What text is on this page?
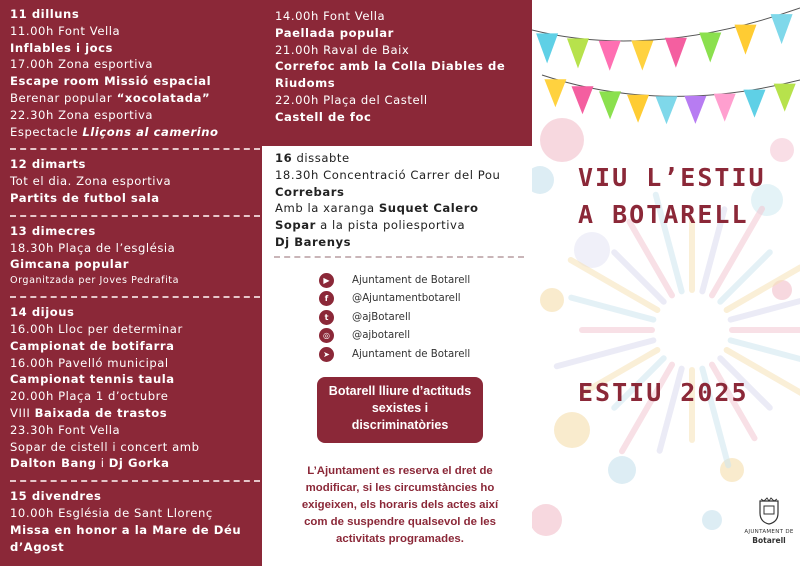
11 dilluns
11.00h Font Vella
Inflables i jocs
17.00h Zona esportiva
Escape room Missió espacial
Berenar popular “xocolatada”
22.30h Zona esportiva
Espectacle Lliçons al camerino
12 dimarts
Tot el dia. Zona esportiva
Partits de futbol sala
13 dimecres
18.30h Plaça de l’església
Gimcana popular
Organitzada per Joves Pedrafita
14 dijous
16.00h Lloc per determinar
Campionat de botifarra
16.00h Pavelló municipal
Campionat tennis taula
20.00h Plaça 1 d’octubre
VIII Baixada de trastos
23.30h Font Vella
Sopar de cistell i concert amb
Dalton Bang i Dj Gorka
15 divendres
10.00h Església de Sant Llorenç
Missa en honor a la Mare de Déu
d’Agost
14.00h Font Vella
Paellada popular
21.00h Raval de Baix
Correfoc amb la Colla Diables de
Riudoms
22.00h Plaça del Castell
Castell de foc
16 dissabte
18.30h Concentració Carrer del Pou
Correbars
Amb la xaranga Suquet Calero
Sopar a la pista poliesportiva
Dj Barenys
▶	Ajuntament de Botarell
f	@Ajuntamentbotarell
t	@ajBotarell
◎	@ajbotarell
➤	Ajuntament de Botarell
Botarell lliure d’actituds
sexistes i
discriminatòries
L’Ajuntament es reserva el dret de
modificar, si les circumstàncies ho
exigeixen, els horaris dels actes així
com de suspendre qualsevol de les
activitats programades.
VIU L’ESTIU
A BOTARELL
ESTIU 2025
AJUNTAMENT DE
Botarell
